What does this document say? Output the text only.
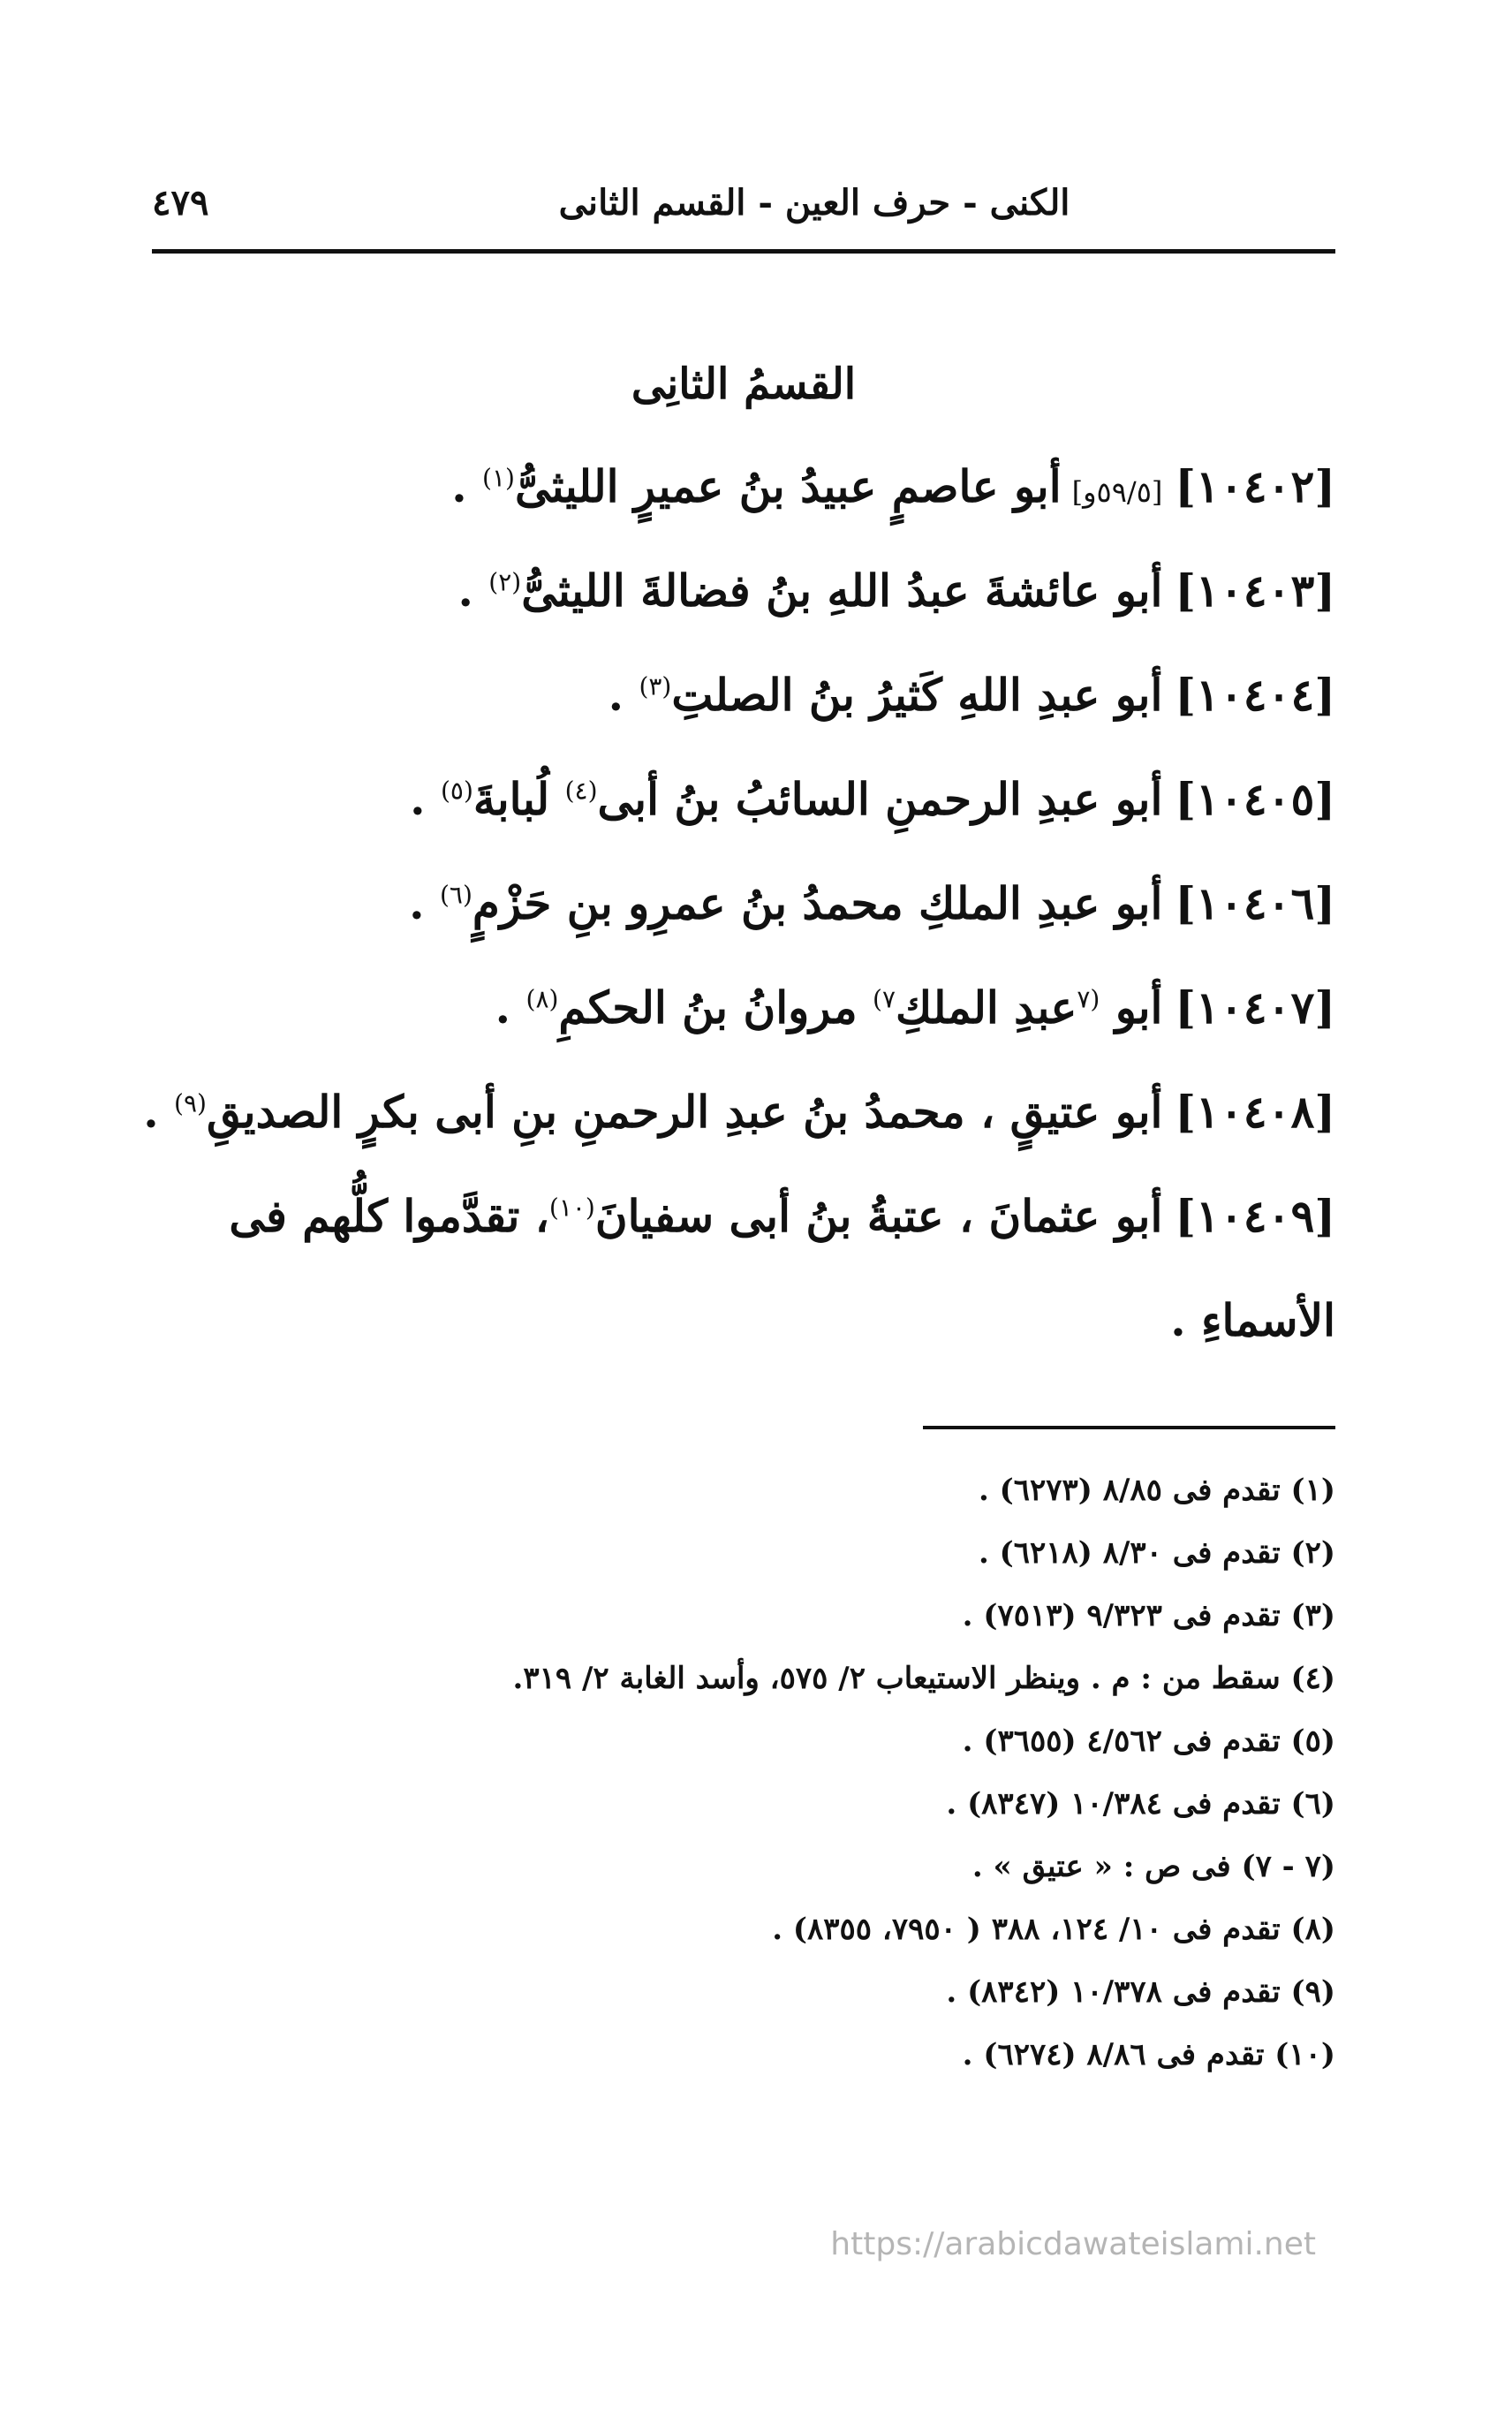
الكنى - حرف العين - القسم الثانى
٤٧٩
القسمُ الثانِى
[١٠٤٠٢][٥٩/٥و]أبو عاصمٍ عبيدُ بنُ عميرٍ الليثىُّ$^{(١)}$ .
[١٠٤٠٣]أبو عائشةَ عبدُ اللهِ بنُ فضالةَ الليثىُّ$^{(٢)}$ .
[١٠٤٠٤]أبو عبدِ اللهِ كَثيرُ بنُ الصلتِ$^{(٣)}$ .
[١٠٤٠٥]أبو عبدِ الرحمنِ السائبُ بنُ أبى$^{(٤)}$ لُبابةَ$^{(٥)}$ .
[١٠٤٠٦]أبو عبدِ الملكِ محمدُ بنُ عمرِو بنِ حَزْمٍ$^{(٦)}$ .
[١٠٤٠٧]أبو $^{(٧}$عبدِ الملكِ$^{٧)}$ مروانُ بنُ الحكمِ$^{(٨)}$ .
[١٠٤٠٨]أبو عتيقٍ ، محمدُ بنُ عبدِ الرحمنِ بنِ أبى بكرٍ الصديقِ$^{(٩)}$ .
[١٠٤٠٩]أبو عثمانَ ، عتبةُ بنُ أبى سفيانَ$^{(١٠)}$، تقدَّموا كلُّهم فى الأسماءِ .
(١) تقدم فى ٨/٨٥ (٦٢٧٣) .
(٢) تقدم فى ٨/٣٠ (٦٢١٨) .
(٣) تقدم فى ٩/٣٢٣ (٧٥١٣) .
(٤) سقط من : م . وينظر الاستيعاب ٢/ ٥٧٥، وأسد الغابة ٢/ ٣١٩.
(٥) تقدم فى ٤/٥٦٢ (٣٦٥٥) .
(٦) تقدم فى ١٠/٣٨٤ (٨٣٤٧) .
(٧ - ٧) فى ص : « عتيق » .
(٨) تقدم فى ١٠/ ١٢٤، ٣٨٨ ( ٧٩٥٠، ٨٣٥٥) .
(٩) تقدم فى ١٠/٣٧٨ (٨٣٤٢) .
(١٠) تقدم فى ٨/٨٦ (٦٢٧٤) .
https://arabicdawateislami.net
